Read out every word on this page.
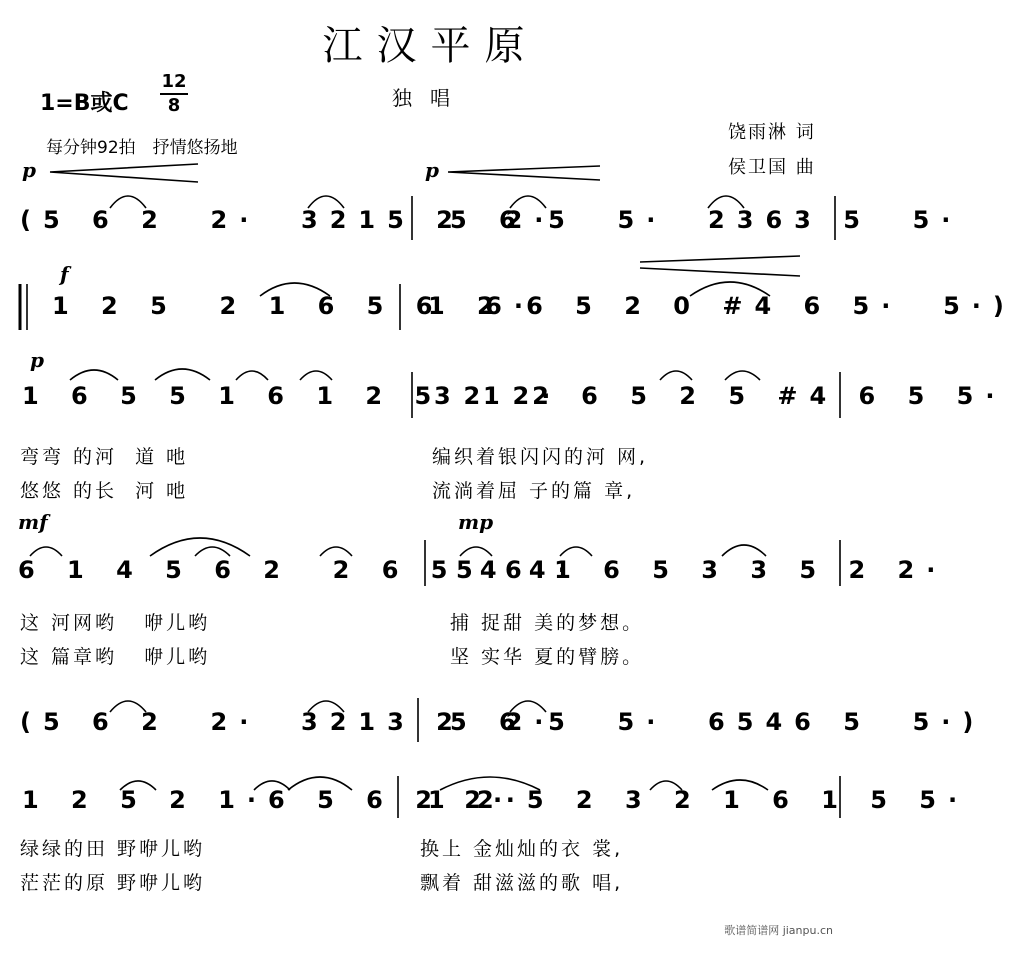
江汉平原
独唱
1=B或C
12
8
每分钟92拍　抒情悠扬地
饶雨淋 词
侯卫国 曲
p	p
f
p
mf	mp
(5 6 2  2·  3215 2  2·
5 6 5  5·  2363 5  5·
1 2 5  2 1 6 5 6  6·
1 2 6 5 2 0 #4 6 5·  5·)
1 6 5 5 1 6 1 2 5 2 2·
3 1 2 6 5 2 5 #4 6 5 5·
6 1 4 5 6 2  2 6 5 4 4·
5 6 1 6 5 3 3 5 2 2·
(5 6 2  2·  3213 2  2·
5 6 5  5·  6546 5  5·)
1 2 5 2 1·6 5 6 2 2·
1 2·5 2 3 2 1 6 1 5 5·
弯弯 的河  道 吔	编织着银闪闪的河 网,
悠悠 的长  河 吔	流淌着屈 子的篇 章,
这 河网哟   咿儿哟	捕 捉甜 美的梦想。
这 篇章哟   咿儿哟	坚 实华 夏的臂膀。
绿绿的田 野咿儿哟	换上 金灿灿的衣 裳,
茫茫的原 野咿儿哟	飘着 甜滋滋的歌 唱,
歌谱简谱网 jianpu.cn
